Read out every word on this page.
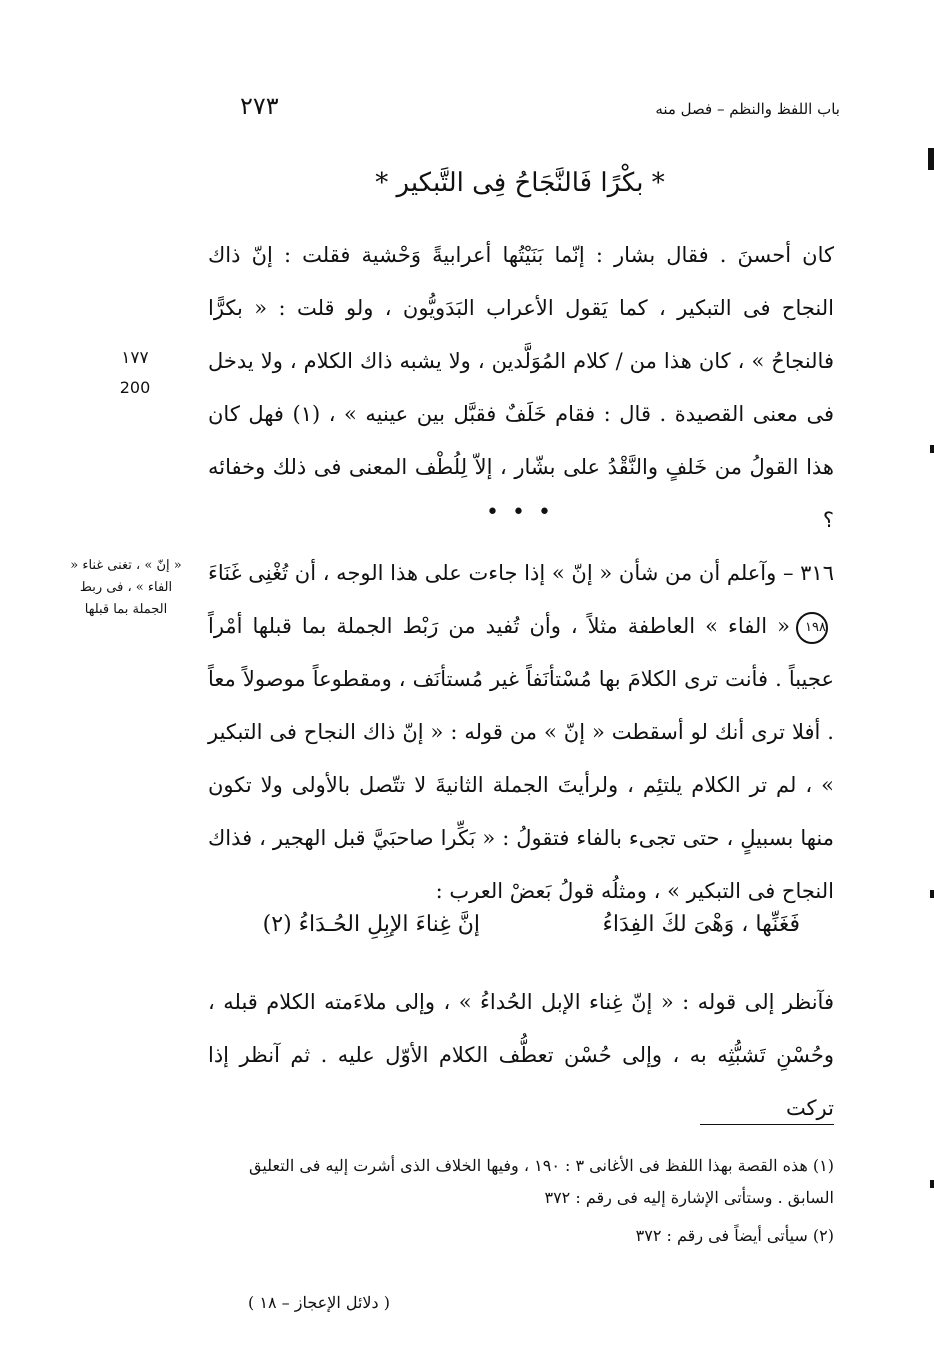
باب اللفظ والنظم – فصل منه
٢٧٣
* بكْرًا فَالنَّجَاحُ فِى التَّبكير *
كان أحسنَ . فقال بشار : إنّما بَنَيْتُها أعرابيةً وَحْشية فقلت : إنّ ذاك النجاح فى التبكير ، كما يَقول الأعراب البَدَويُّون ، ولو قلت : « بكرًّا فالنجاحُ » ، كان هذا من / كلام المُوَلَّدين ، ولا يشبه ذاك الكلام ، ولا يدخل فى معنى القصيدة . قال : فقام خَلَفٌ فقبَّل بين عينيه » ، (١) فهل كان هذا القولُ من خَلفٍ والنَّقْدُ على بشّار ، إلاّ لِلُطْف المعنى فى ذلك وخفائه ؟
• • •
٣١٦ – وآعلم أن من شأن « إنّ » إذا جاءت على هذا الوجه ، أن تُغْنِى غَنَاءَ١٩٨« الفاء » العاطفة مثلاً ، وأن تُفيد من رَبْط الجملة بما قبلها أمْراً عجيباً . فأنت ترى الكلامَ بها مُسْتأنَفاً غير مُستأنَف ، ومقطوعاً موصولاً معاً . أفلا ترى أنك لو أسقطت « إنّ » من قوله : « إنّ ذاك النجاح فى التبكير » ، لم تر الكلام يلتئِم ، ولرأيتَ الجملة الثانيةَ لا تتّصل بالأولى ولا تكون منها بسبيلٍ ، حتى تجىء بالفاء فتقولُ : « بَكِّرا صاحبَيَّ قبل الهجير ، فذاك النجاح فى التبكير » ، ومثلُه قولُ بَعضْ العرب :
فَغَنِّها ، وَهْىَ لكَ الفِدَاءُ
إنَّ غِناءَ الإبِلِ الحُـدَاءُ (٢)
فآنظر إلى قوله : « إنّ غِناء الإبل الحُداءُ » ، وإلى ملاءَمته الكلام قبله ، وحُسْنِ تَشبُّثِه به ، وإلى حُسْن تعطُّف الكلام الأوّل عليه . ثم آنظر إذا تركت
١٧٧
200
« إنّ » ، تغنى غناء « الفاء » ، فى ربط الجملة بما قبلها
(١) هذه القصة بهذا اللفظ فى الأغانى ٣ : ١٩٠ ، وفيها الخلاف الذى أشرت إليه فى التعليق السابق . وستأتى الإشارة إليه فى رقم : ٣٧٢
(٢) سيأتى أيضاً فى رقم : ٣٧٢
( دلائل الإعجاز – ١٨ )
